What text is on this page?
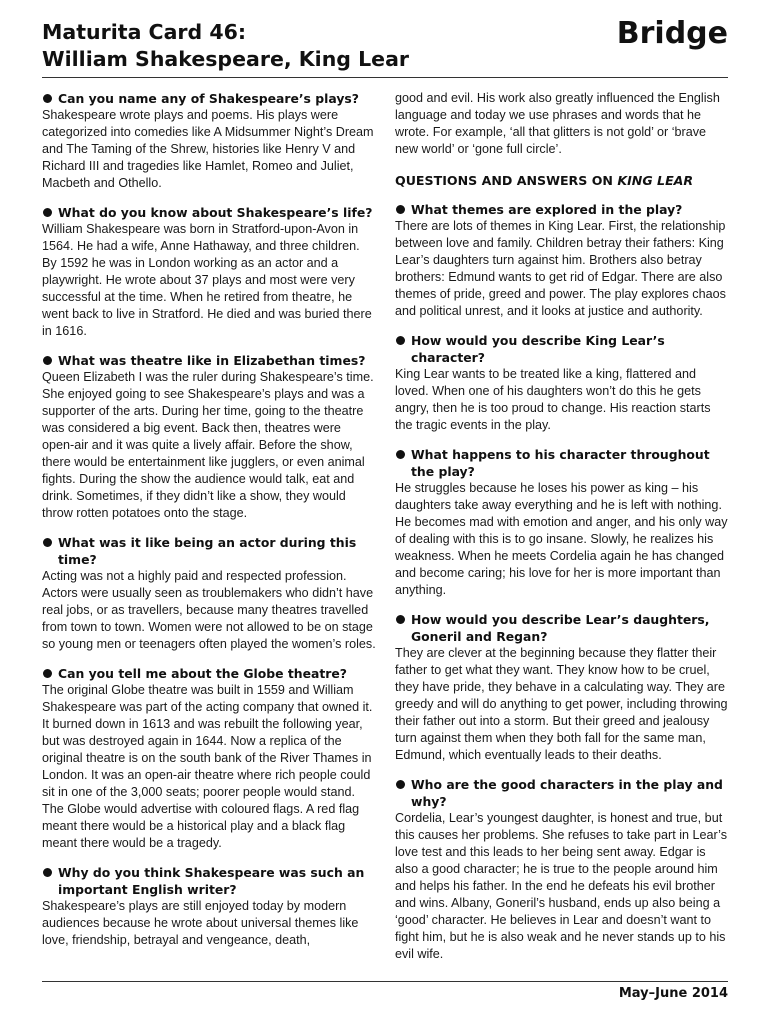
Maturita Card 46:
William Shakespeare, King Lear
Bridge

Can you name any of Shakespeare’s plays?

Shakespeare wrote plays and poems. His plays were categorized into comedies like A Midsummer Night’s Dream and The Taming of the Shrew, histories like Henry V and Richard III and tragedies like Hamlet, Romeo and Juliet, Macbeth and Othello.

What do you know about Shakespeare’s life?

William Shakespeare was born in Stratford-upon-Avon in 1564. He had a wife, Anne Hathaway, and three children. By 1592 he was in London working as an actor and a playwright. He wrote about 37 plays and most were very successful at the time. When he retired from theatre, he went back to live in Stratford. He died and was buried there in 1616.

What was theatre like in Elizabethan times?

Queen Elizabeth I was the ruler during Shakespeare’s time. She enjoyed going to see Shakespeare’s plays and was a supporter of the arts. During her time, going to the theatre was considered a big event. Back then, theatres were open-air and it was quite a lively affair. Before the show, there would be entertainment like jugglers, or even animal fights. During the show the audience would talk, eat and drink. Sometimes, if they didn’t like a show, they would throw rotten potatoes onto the stage.

What was it like being an actor during this time?

Acting was not a highly paid and respected profession. Actors were usually seen as troublemakers who didn’t have real jobs, or as travellers, because many theatres travelled from town to town. Women were not allowed to be on stage so young men or teenagers often played the women’s roles.

Can you tell me about the Globe theatre?

The original Globe theatre was built in 1559 and William Shakespeare was part of the acting company that owned it. It burned down in 1613 and was rebuilt the following year, but was destroyed again in 1644. Now a replica of the original theatre is on the south bank of the River Thames in London. It was an open-air theatre where rich people could sit in one of the 3,000 seats; poorer people would stand. The Globe would advertise with coloured flags. A red flag meant there would be a historical play and a black flag meant there would be a tragedy.

Why do you think Shakespeare was such an important English writer?

Shakespeare’s plays are still enjoyed today by modern audiences because he wrote about universal themes like love, friendship, betrayal and vengeance, death,

good and evil. His work also greatly influenced the English language and today we use phrases and words that he wrote. For example, ‘all that glitters is not gold’ or ‘brave new world’ or ‘gone full circle’.

QUESTIONS AND ANSWERS ON KING LEAR

What themes are explored in the play?

There are lots of themes in King Lear. First, the relationship between love and family. Children betray their fathers: King Lear’s daughters turn against him. Brothers also betray brothers: Edmund wants to get rid of Edgar. There are also themes of pride, greed and power. The play explores chaos and political unrest, and it looks at justice and authority.

How would you describe King Lear’s character?

King Lear wants to be treated like a king, flattered and loved. When one of his daughters won’t do this he gets angry, then he is too proud to change. His reaction starts the tragic events in the play.

What happens to his character throughout the play?

He struggles because he loses his power as king – his daughters take away everything and he is left with nothing. He becomes mad with emotion and anger, and his only way of dealing with this is to go insane. Slowly, he realizes his weakness. When he meets Cordelia again he has changed and become caring; his love for her is more important than anything.

How would you describe Lear’s daughters, Goneril and Regan?

They are clever at the beginning because they flatter their father to get what they want. They know how to be cruel, they have pride, they behave in a calculating way. They are greedy and will do anything to get power, including throwing their father out into a storm. But their greed and jealousy turn against them when they both fall for the same man, Edmund, which eventually leads to their deaths.

Who are the good characters in the play and why?

Cordelia, Lear’s youngest daughter, is honest and true, but this causes her problems. She refuses to take part in Lear’s love test and this leads to her being sent away. Edgar is also a good character; he is true to the people around him and helps his father. In the end he defeats his evil brother and wins. Albany, Goneril’s husband, ends up also being a ‘good’ character. He believes in Lear and doesn’t want to fight him, but he is also weak and he never stands up to his evil wife.

May–June 2014
